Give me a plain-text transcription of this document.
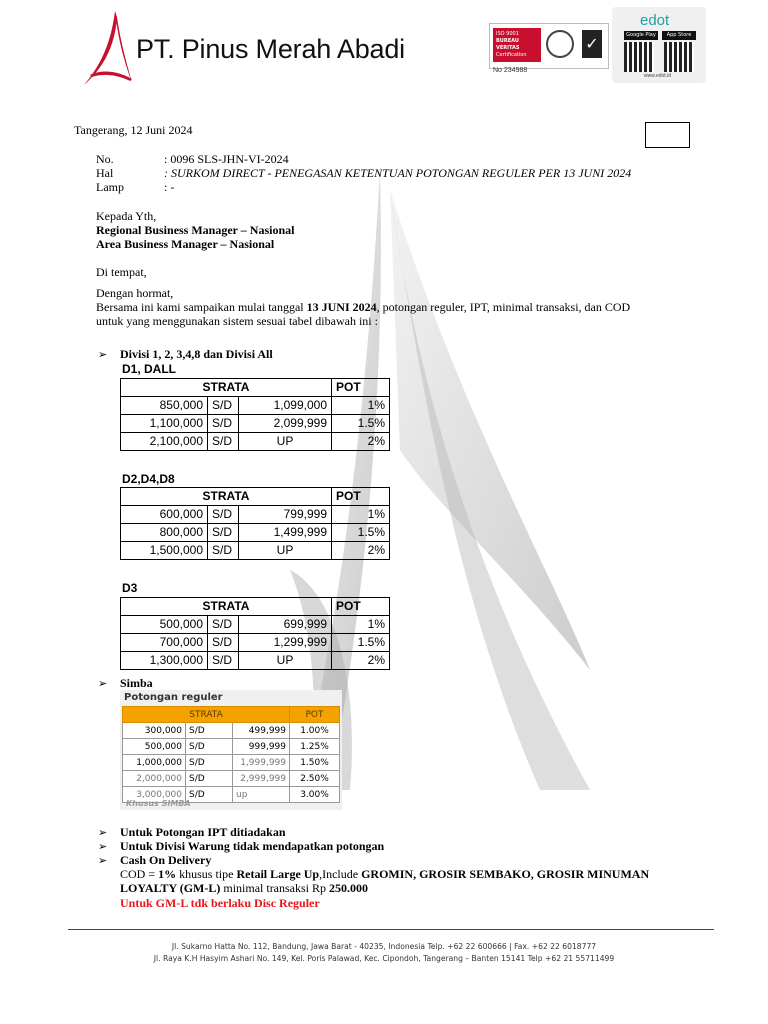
PT. Pinus Merah Abadi	ISO 9001
BUREAU VERITAS
Certification
✓
No 234988
edot
Google Play	App Store
www.edot.id
Tangerang, 12 Juni 2024
No.	: 0096 SLS-JHN-VI-2024
Hal	: SURKOM DIRECT - PENEGASAN KETENTUAN POTONGAN REGULER PER 13 JUNI 2024
Lamp	: -
Kepada Yth,
Regional Business Manager – Nasional
Area Business Manager – Nasional
Di tempat,
Dengan hormat,
Bersama ini kami sampaikan mulai tanggal 13 JUNI 2024, potongan reguler, IPT, minimal transaksi, dan COD
untuk yang menggunakan sistem sesuai tabel dibawah ini :
➢ Divisi 1, 2, 3,4,8 dan Divisi All
D1, DALL
STRATA			POT
850,000	S/D	1,099,000	1%
1,100,000	S/D	2,099,999	1.5%
2,100,000	S/D	UP	2%
D2,D4,D8
STRATA			POT
600,000	S/D	799,999	1%
800,000	S/D	1,499,999	1.5%
1,500,000	S/D	UP	2%
D3
STRATA			POT
500,000	S/D	699,999	1%
700,000	S/D	1,299,999	1.5%
1,300,000	S/D	UP	2%
➢ Simba
Potongan reguler
STRATA			POT
300,000	S/D	499,999	1.00%
500,000	S/D	999,999	1.25%
1,000,000	S/D	1,999,999	1.50%
2,000,000	S/D	2,999,999	2.50%
3,000,000	S/D	up	3.00%
Khusus SIMBA
➢ Untuk Potongan IPT ditiadakan
➢ Untuk Divisi Warung tidak mendapatkan potongan
➢ Cash On Delivery
COD = 1% khusus tipe Retail Large Up,Include GROMIN, GROSIR SEMBAKO, GROSIR MINUMAN
LOYALTY (GM-L) minimal transaksi Rp 250.000
Untuk GM-L tdk berlaku Disc Reguler
Jl. Sukarno Hatta No. 112, Bandung, Jawa Barat - 40235, Indonesia Telp. +62 22 600666 | Fax. +62 22 6018777
Jl. Raya K.H Hasyim Ashari No. 149, Kel. Poris Palawad, Kec. Cipondoh, Tangerang – Banten 15141 Telp +62 21 55711499
